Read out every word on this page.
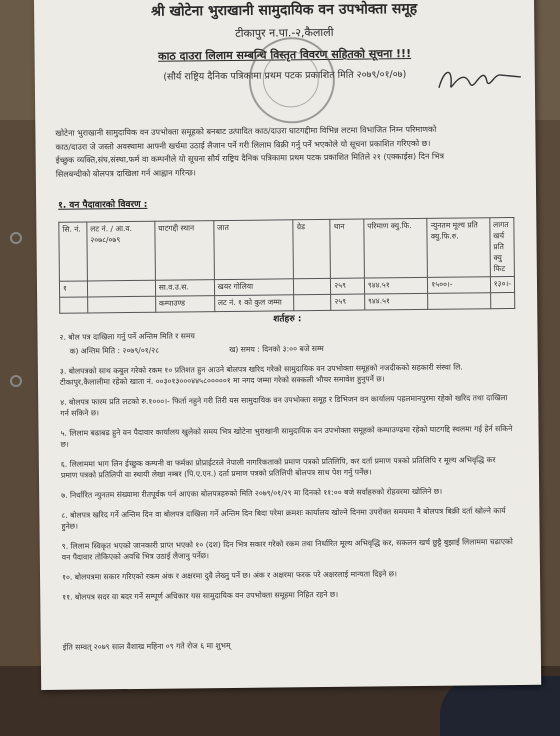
श्री खोटेना भुराखानी सामुदायिक वन उपभोक्ता समूह
टीकापुर न.पा.-२,कैलाली
काठ दाउरा लिलाम सम्बन्धि विस्तृत विवरण सहितको सूचना !!!
(सौर्य राष्ट्रिय दैनिक पत्रिकामा प्रथम पटक प्रकाशित मिति २०७९/०१/०७)

खोटेना भुराखानी सामुदायिक वन उपभोक्ता समूहको बनबाट उत्पादित काठ/दाउरा घाटगद्दीमा विभिन्न लटमा विभाजित निम्न परिमाणको

काठ/दाउरा जे जस्तो अवस्थामा आफ्नी खर्चमा उठाई लैजान पर्ने गरी लिलाम बिक्री गर्नु पर्ने भएकोले यो सूचना प्रकाशित गरिएको छ।

ईच्छुक व्यक्ति,संघ,संस्था,फर्म वा कम्पनीले यो सूचना सौर्य राष्ट्रिय दैनिक पत्रिकामा प्रथम पटक प्रकाशित मितिले २१ (एक्काईस) दिन भित्र

सिलबन्दीको बोलपत्र दाखिला गर्न आह्वान गरिन्छ।

१. वन पैदावारको विवरण :
सि. नं.	लट नं. / आ.व. २०७८/०७९	घाटगद्दी स्थान	जात	ग्रेड	थान	परिमाण क्यु.फि.	न्युनतम मूल्य प्रति क्यु.फि.रु.	लागत खर्च प्रति क्यु फिट
१		सा.व.उ.स.	खयर गोलिया		२५९	९४४.५१	१५००।-	१३०।-
		कम्पाउण्ड	लट नं. १ को कुल जम्मा		२५९	९४४.५१		
शर्तहरु :
२. बोल पत्र दाखिला गर्नु पर्ने अन्तिम मिति र समय
क) अन्तिम मिति : २०७९/०१/२८	ख) समय : दिनको ३:०० बजे सम्म
३. बोलपत्रको साथ कबुल गरेको रकम १० प्रतिशत हुन आउने बोलपत्र खरिद गरेको सामुदायिक वन उपभोक्ता समूहको नजदीकको सहकारी संस्था लि. टीकापुर,कैलालीमा रहेको खाता नं. ००३०१३०००४४५८०००००१ मा नगद जम्मा गरेको सक्कली भौचर समावेश हुनुपर्ने छ।
४. बोलपत्र फारम प्रति लटको रु.१०००।- फिर्ता नहुने गरी तिरी यस सामुदायिक वन उपभोक्ता समूह र डिभिजन वन कार्यालय पहलमानपुरमा रहेको खरिद तथा दाखिला गर्न सकिने छ।
५. लिलाम बढाबढ हुने वन पैदावार कार्यालय खुलेको समय भित्र खोटेना भुराखानी सामुदायिक वन उपभोक्ता समूहको कम्पाउण्डमा रहेको घाटगद्दि स्थलमा गई हेर्न सकिने छ।
६. लिलाममा भाग लिन ईच्छुक कम्पनी वा फर्मका प्रोप्राईटरले नेपाली नागरिकताको प्रमाण पत्रको प्रतिलिपि, कर दर्ता प्रमाण पत्रको प्रतिलिपि र मूल्य अभिवृद्धि कर प्रमाण पत्रको प्रतिलिपी वा स्थायी लेखा नम्बर (पि.ए.एन.) दर्ता प्रमाण पत्रको प्रतिलिपी बोलपत्र साथ पेश गर्नु पर्नेछ।
७. निर्धारित न्युनतम संख्यामा रीतपूर्वक पर्न आएका बोलपत्रहरुको मिति २०७९/०१/२९ मा दिनको ११:०० बजे सर्वाहरुको रोहवरमा खोलिने छ।
८. बोलपत्र खरिद गर्ने अन्तिम दिन वा बोलपत्र दाखिला गर्ने अन्तिम दिन बिदा परेमा क्रमशः कार्यालय खोल्ने दिनमा उपरोक्त समयमा नै बोलपत्र बिक्री दर्ता खोल्ने कार्य हुनेछ।
९. लिलाम स्विकृत भएको जानकारी प्राप्त भएको १० (दश) दिन भित्र सकार गरेको रकम तथा निर्धारित मूल्य अभिवृद्धि कर, सकलन खर्च छुट्टै बुझाई लिलाममा चढाएको वन पैदावार तोकिएको अवधि भित्र उठाई लैजानु पर्नेछ।
१०. बोलपत्रमा सकार गरिएको रकम अंक र अक्षरमा दुवै लेख्नु पर्ने छ। अंक र अक्षरमा फरक परे अक्षरलाई मान्यता दिइने छ।
११. बोलपत्र सदर वा बदर गर्ने सम्पूर्ण अधिकार यस सामुदायिक वन उपभोक्ता समूहमा निहित रहने छ।
ईति सम्वत् २०७९ साल वैशाख महिना ०९ गते रोज ६ मा शुभम्
